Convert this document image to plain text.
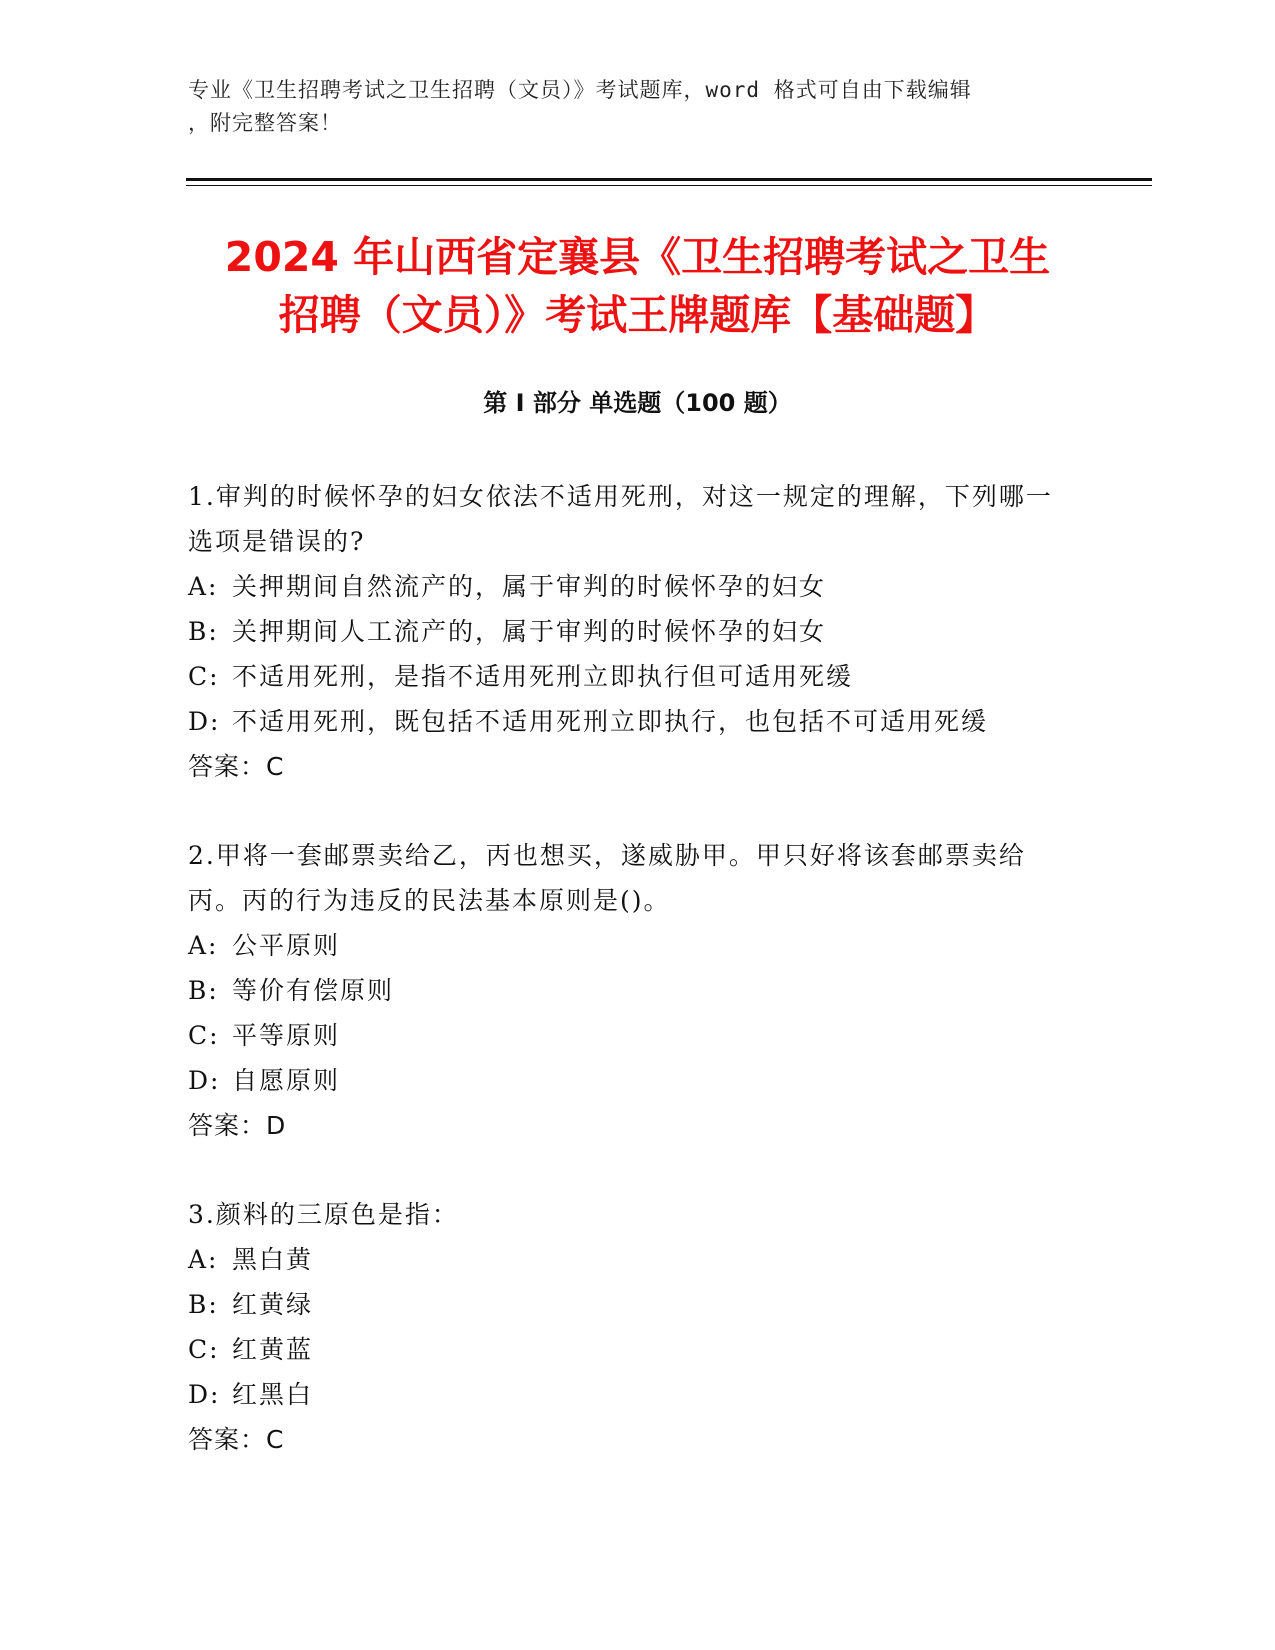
专业《卫生招聘考试之卫生招聘（文员）》考试题库，word 格式可自由下载编辑
，附完整答案！
2024 年山西省定襄县《卫生招聘考试之卫生
招聘（文员）》考试王牌题库【基础题】
第 I 部分 单选题（100 题）
1.审判的时候怀孕的妇女依法不适用死刑，对这一规定的理解，下列哪一选项是错误的?
A: 关押期间自然流产的，属于审判的时候怀孕的妇女
B: 关押期间人工流产的，属于审判的时候怀孕的妇女
C: 不适用死刑，是指不适用死刑立即执行但可适用死缓
D: 不适用死刑，既包括不适用死刑立即执行，也包括不可适用死缓
答案：C
2.甲将一套邮票卖给乙，丙也想买，遂威胁甲。甲只好将该套邮票卖给丙。丙的行为违反的民法基本原则是()。
A: 公平原则
B: 等价有偿原则
C: 平等原则
D: 自愿原则
答案：D
3.颜料的三原色是指：
A: 黑白黄
B: 红黄绿
C: 红黄蓝
D: 红黑白
答案：C
